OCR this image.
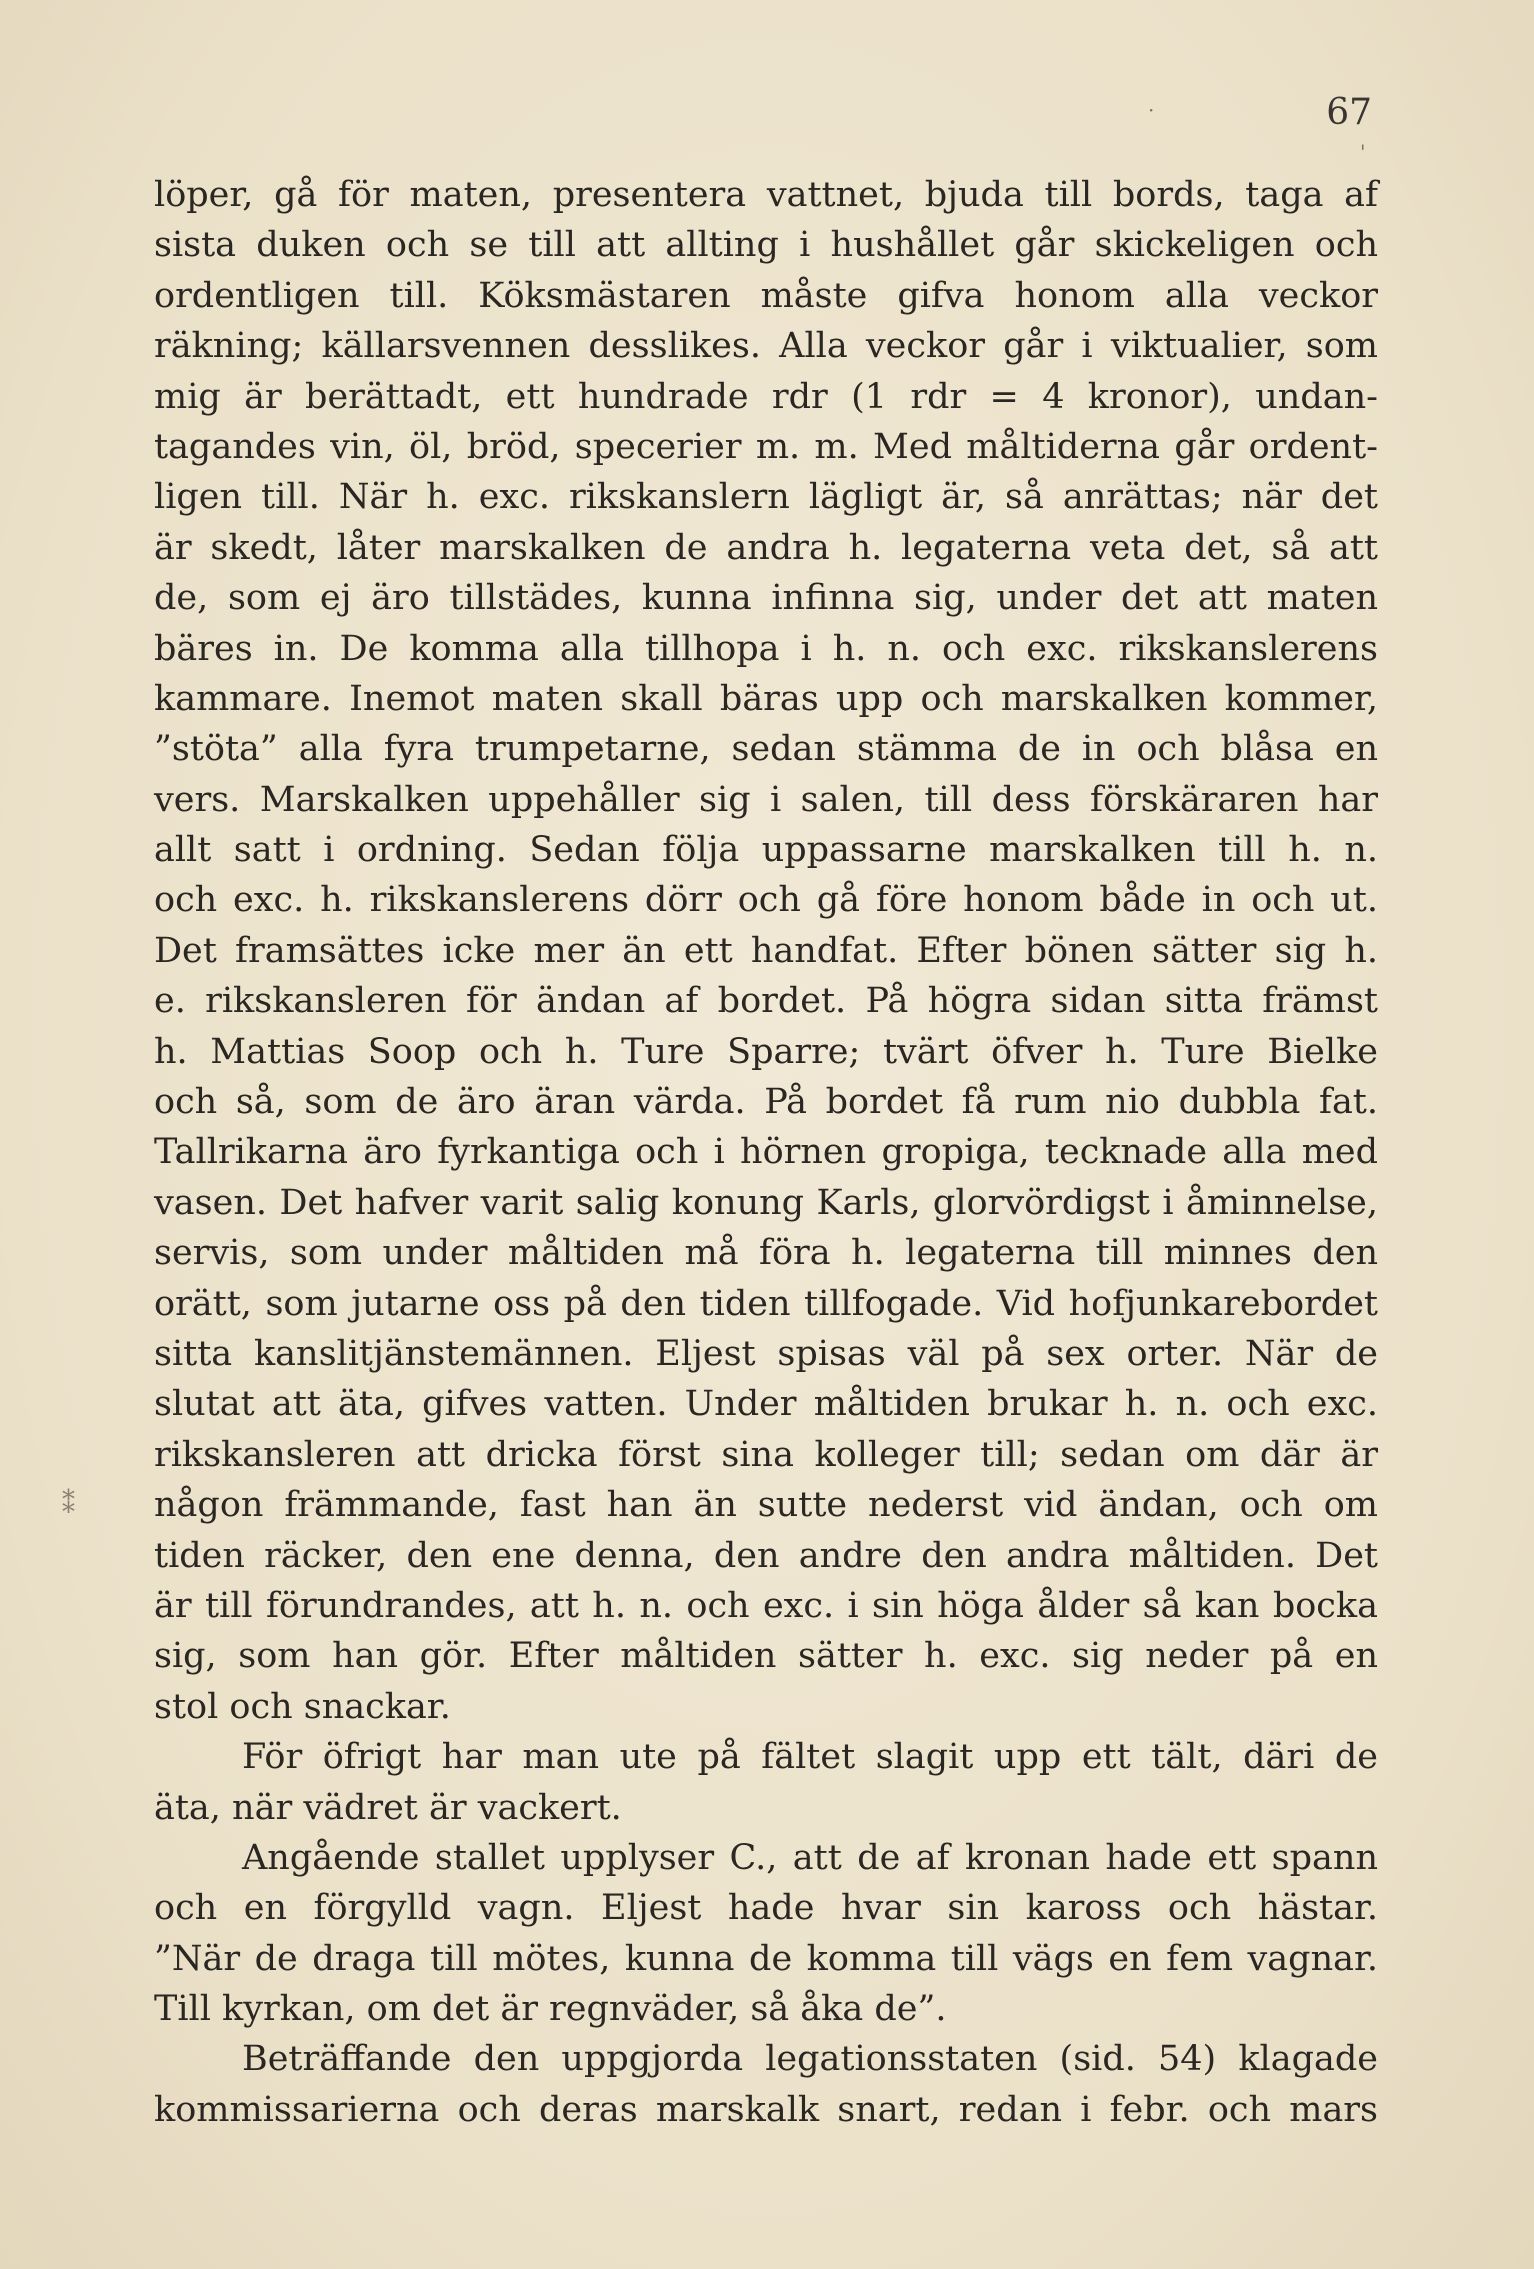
67
löper, gå för maten, presentera vattnet, bjuda till bords, taga af
sista duken och se till att allting i hushållet går skickeligen och
ordentligen till. Köksmästaren måste gifva honom alla veckor
räkning; källarsvennen desslikes. Alla veckor går i viktualier, som
mig är berättadt, ett hundrade rdr (1 rdr = 4 kronor), undan-
tagandes vin, öl, bröd, specerier m. m. Med måltiderna går ordent-
ligen till. När h. exc. rikskanslern lägligt är, så anrättas; när det
är skedt, låter marskalken de andra h. legaterna veta det, så att
de, som ej äro tillstädes, kunna infinna sig, under det att maten
bäres in. De komma alla tillhopa i h. n. och exc. rikskanslerens
kammare. Inemot maten skall bäras upp och marskalken kommer,
”stöta” alla fyra trumpetarne, sedan stämma de in och blåsa en
vers. Marskalken uppehåller sig i salen, till dess förskäraren har
allt satt i ordning. Sedan följa uppassarne marskalken till h. n.
och exc. h. rikskanslerens dörr och gå före honom både in och ut.
Det framsättes icke mer än ett handfat. Efter bönen sätter sig h.
e. rikskansleren för ändan af bordet. På högra sidan sitta främst
h. Mattias Soop och h. Ture Sparre; tvärt öfver h. Ture Bielke
och så, som de äro äran värda. På bordet få rum nio dubbla fat.
Tallrikarna äro fyrkantiga och i hörnen gropiga, tecknade alla med
vasen. Det hafver varit salig konung Karls, glorvördigst i åminnelse,
servis, som under måltiden må föra h. legaterna till minnes den
orätt, som jutarne oss på den tiden tillfogade. Vid hofjunkarebordet
sitta kanslitjänstemännen. Eljest spisas väl på sex orter. När de
slutat att äta, gifves vatten. Under måltiden brukar h. n. och exc.
rikskansleren att dricka först sina kolleger till; sedan om där är
någon främmande, fast han än sutte nederst vid ändan, och om
tiden räcker, den ene denna, den andre den andra måltiden. Det
är till förundrandes, att h. n. och exc. i sin höga ålder så kan bocka
sig, som han gör. Efter måltiden sätter h. exc. sig neder på en
stol och snackar.
För öfrigt har man ute på fältet slagit upp ett tält, däri de
äta, när vädret är vackert.
Angående stallet upplyser C., att de af kronan hade ett spann
och en förgylld vagn. Eljest hade hvar sin kaross och hästar.
”När de draga till mötes, kunna de komma till vägs en fem vagnar.
Till kyrkan, om det är regnväder, så åka de”.
Beträffande den uppgjorda legationsstaten (sid. 54) klagade
kommissarierna och deras marskalk snart, redan i febr. och mars
⁑
·
'
